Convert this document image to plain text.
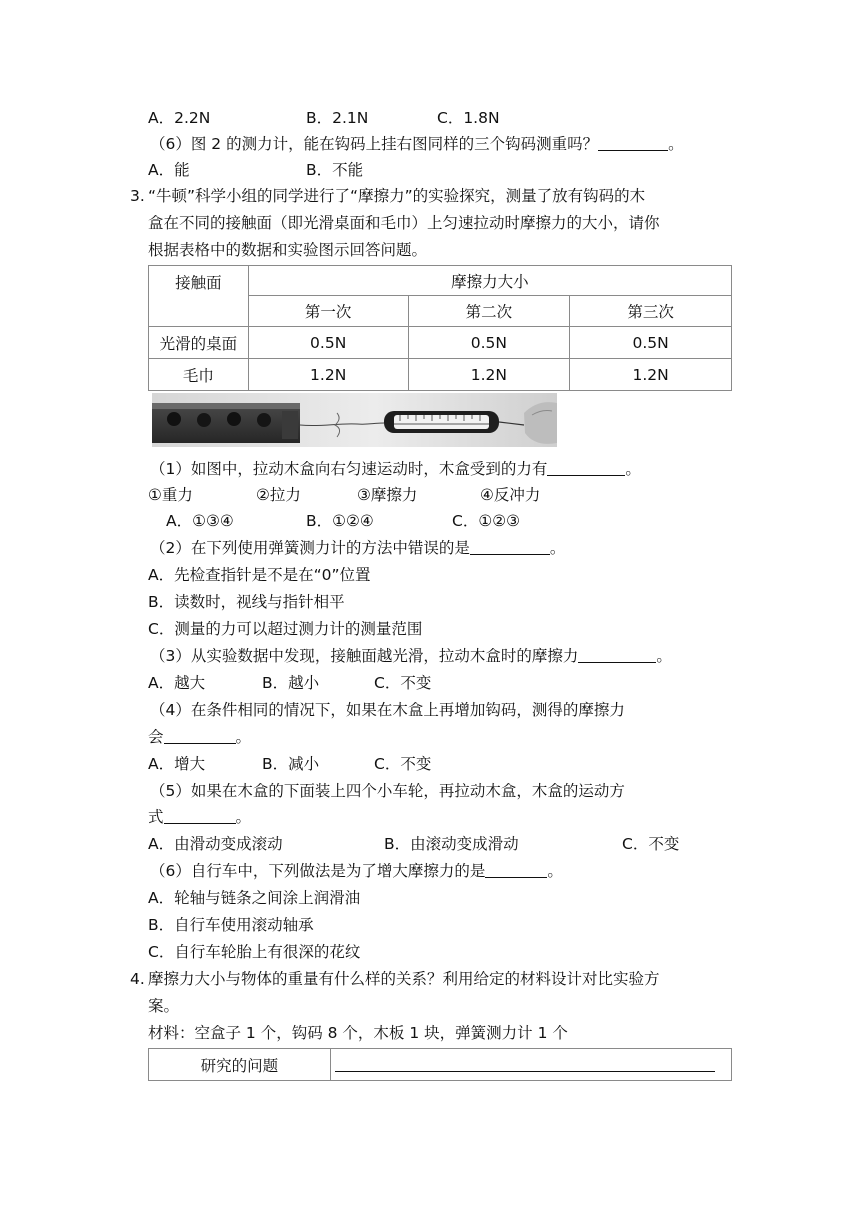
A．2.2N	B．2.1N	C．1.8N
（6）图 2 的测力计，能在钩码上挂右图同样的三个钩码测重吗？	。
A．能	B．不能
3. “牛顿”科学小组的同学进行了“摩擦力”的实验探究，测量了放有钩码的木
盒在不同的接触面（即光滑桌面和毛巾）上匀速拉动时摩擦力的大小，请你
根据表格中的数据和实验图示回答问题。
接触面	摩擦力大小		
	第一次	第二次	第三次
光滑的桌面	0.5N	0.5N	0.5N
毛巾	1.2N	1.2N	1.2N
（1）如图中，拉动木盒向右匀速运动时，木盒受到的力有	。
①重力	②拉力	③摩擦力	④反冲力
A．①③④	B．①②④	C．①②③
（2）在下列使用弹簧测力计的方法中错误的是	。
A．先检查指针是不是在“0”位置
B．读数时，视线与指针相平
C．测量的力可以超过测力计的测量范围
（3）从实验数据中发现，接触面越光滑，拉动木盒时的摩擦力	。
A．越大	B．越小	C．不变
（4）在条件相同的情况下，如果在木盒上再增加钩码，测得的摩擦力
会	。
A．增大	B．减小	C．不变
（5）如果在木盒的下面装上四个小车轮，再拉动木盒，木盒的运动方
式	。
A．由滑动变成滚动	B．由滚动变成滑动	C．不变
（6）自行车中，下列做法是为了增大摩擦力的是	。
A．轮轴与链条之间涂上润滑油
B．自行车使用滚动轴承
C．自行车轮胎上有很深的花纹
4. 摩擦力大小与物体的重量有什么样的关系？利用给定的材料设计对比实验方
案。
材料：空盒子 1 个，钩码 8 个，木板 1 块，弹簧测力计 1 个
研究的问题	
